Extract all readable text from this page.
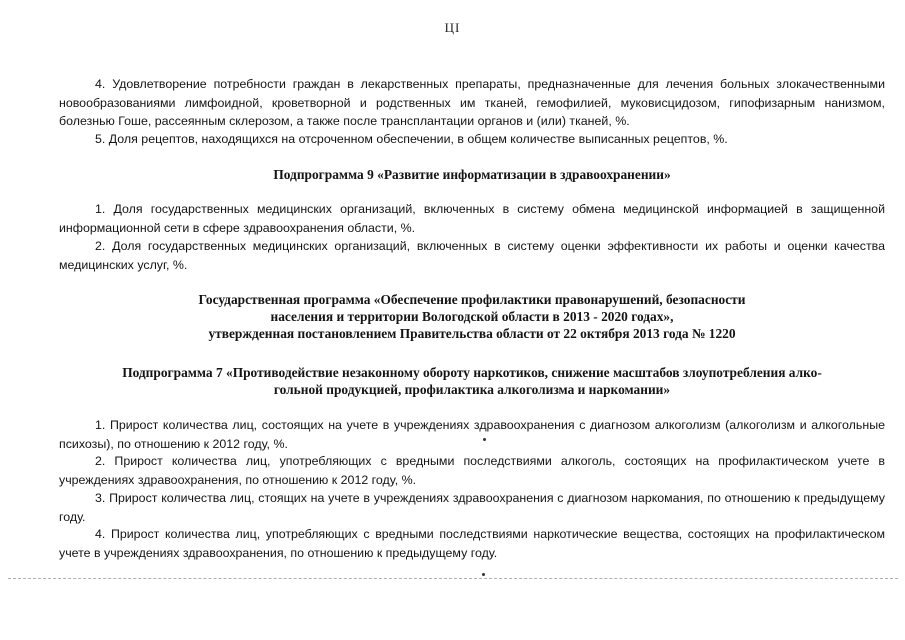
ЦI

4. Удовлетворение потребности граждан в лекарственных препараты, предназначенные для лечения больных злокачественными новообразованиями лимфоидной, кроветворной и родственных им тканей, гемофилией, муковисцидозом, гипофизарным нанизмом, болезнью Гоше, рассеянным склерозом, а также после трансплантации органов и (или) тканей, %.

5. Доля рецептов, находящихся на отсроченном обеспечении, в общем количестве выписанных рецептов, %.

Подпрограмма 9 «Развитие информатизации в здравоохранении»

1. Доля государственных медицинских организаций, включенных в систему обмена медицинской информацией в защищенной информационной сети в сфере здравоохранения области, %.

2. Доля государственных медицинских организаций, включенных в систему оценки эффективности их работы и оценки качества медицинских услуг, %.

Государственная программа «Обеспечение профилактики правонарушений, безопасности
населения и территории Вологодской области в 2013 - 2020 годах»,
утвержденная постановлением Правительства области от 22 октября 2013 года № 1220

Подпрограмма 7 «Противодействие незаконному обороту наркотиков, снижение масштабов злоупотребления алко-
гольной продукцией, профилактика алкоголизма и наркомании»

1. Прирост количества лиц, состоящих на учете в учреждениях здравоохранения с диагнозом алкоголизм (алкоголизм и алкогольные психозы), по отношению к 2012 году, %.

2. Прирост количества лиц, употребляющих с вредными последствиями алкоголь, состоящих на профилактическом учете в учреждениях здравоохранения, по отношению к 2012 году, %.

3. Прирост количества лиц, стоящих на учете в учреждениях здравоохранения с диагнозом наркомания, по отношению к предыдущему году.

4. Прирост количества лиц, употребляющих с вредными последствиями наркотические вещества, состоящих на профилактическом учете в учреждениях здравоохранения, по отношению к предыдущему году.
